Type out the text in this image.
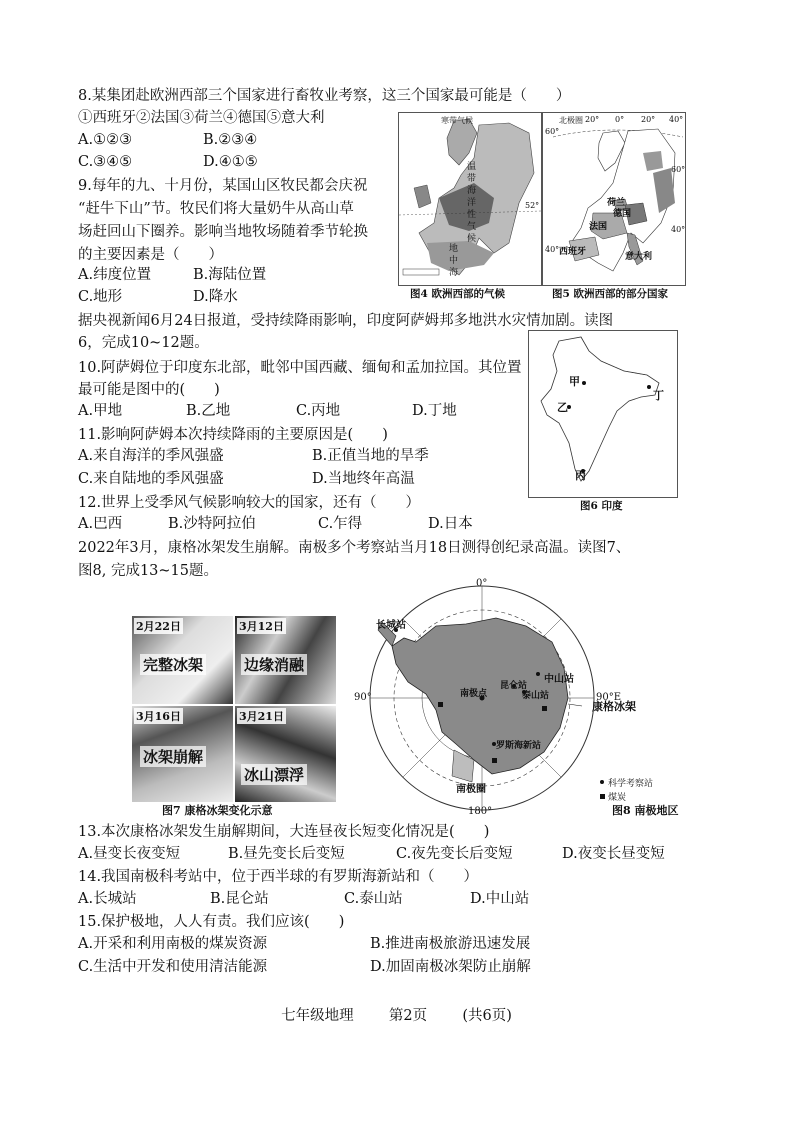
8.某集团赴欧洲西部三个国家进行畜牧业考察，这三个国家最可能是（　　）
①西班牙②法国③荷兰④德国⑤意大利
A.①②③	B.②③④
C.③④⑤	D.④①⑤
9.每年的九、十月份，某国山区牧民都会庆祝
“赶牛下山”节。牧民们将大量奶牛从高山草
场赶回山下圈养。影响当地牧场随着季节轮换
的主要因素是（　　）
A.纬度位置	B.海陆位置
C.地形	D.降水
寒带气候
温
带
海
洋
性
气
候
地
中
海
52°
图4 欧洲西部的气候
北极圈 20° 0° 20° 40°
60°
40°
60°
40°
荷兰
德国
法国
西班牙	意大利
图5 欧洲西部的部分国家
据央视新闻6月24日报道，受持续降雨影响，印度阿萨姆邦多地洪水灾情加剧。读图
6，完成10~12题。
甲
乙
丙
丁
图6 印度
10.阿萨姆位于印度东北部，毗邻中国西藏、缅甸和孟加拉国。其位置
最可能是图中的(　　)
A.甲地	B.乙地	C.丙地	D.丁地
11.影响阿萨姆本次持续降雨的主要原因是(　　)
A.来自海洋的季风强盛	B.正值当地的旱季
C.来自陆地的季风强盛	D.当地终年高温
12.世界上受季风气候影响较大的国家，还有（　　）
A.巴西	B.沙特阿拉伯	C.乍得	D.日本
2022年3月，康格冰架发生崩解。南极多个考察站当月18日测得创纪录高温。读图7、
图8, 完成13~15题。
2月22日
完整冰架
3月12日
边缘消融
3月16日
冰架崩解
3月21日
冰山漂浮
图7 康格冰架变化示意
0°
90°	90°E
180°
长城站
中山站
昆仑站
泰山站
南极点
罗斯海新站
南极圈
康格冰架
科学考察站
煤炭
图8 南极地区
13.本次康格冰架发生崩解期间，大连昼夜长短变化情况是(　　)
A.昼变长夜变短	B.昼先变长后变短	C.夜先变长后变短	D.夜变长昼变短
14.我国南极科考站中，位于西半球的有罗斯海新站和（　　）
A.长城站	B.昆仑站	C.泰山站	D.中山站
15.保护极地，人人有责。我们应该(　　)
A.开采和利用南极的煤炭资源	B.推进南极旅游迅速发展
C.生活中开发和使用清洁能源	D.加固南极冰架防止崩解
七年级地理 第2页 (共6页)
